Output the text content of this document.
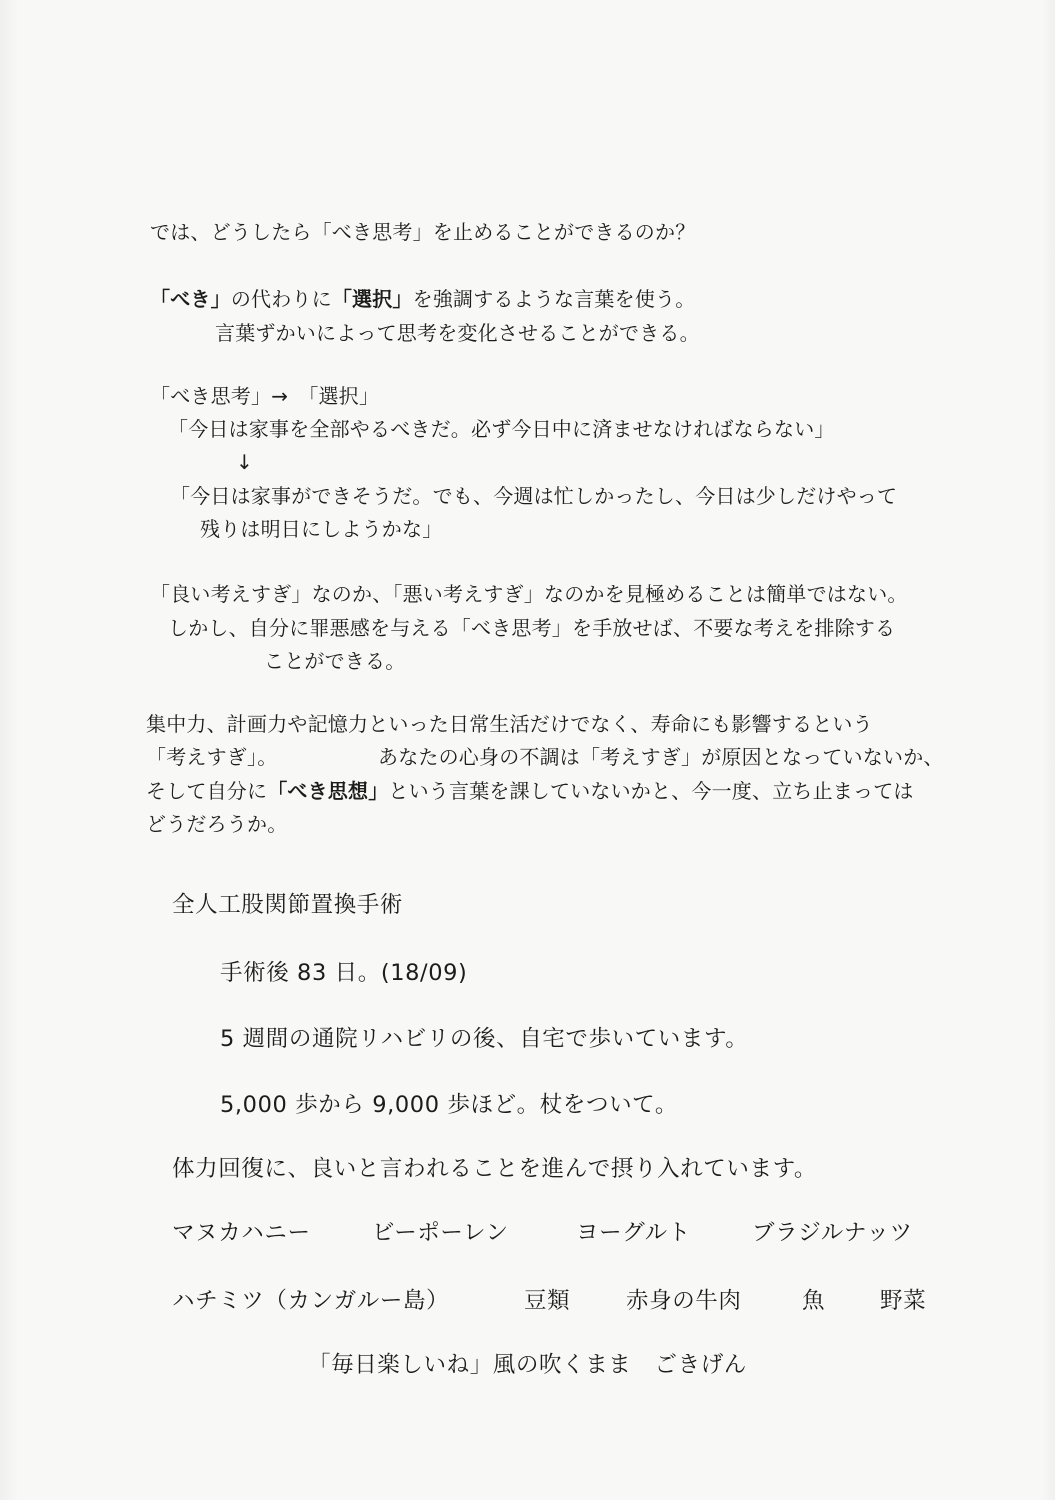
では、どうしたら「べき思考」を止めることができるのか？
「べき」の代わりに「選択」を強調するような言葉を使う。
言葉ずかいによって思考を変化させることができる。
「べき思考」→　「選択」
「今日は家事を全部やるべきだ。必ず今日中に済ませなければならない」
↓
「今日は家事ができそうだ。でも、今週は忙しかったし、今日は少しだけやって
残りは明日にしようかな」
「良い考えすぎ」なのか、「悪い考えすぎ」なのかを見極めることは簡単ではない。
しかし、自分に罪悪感を与える「べき思考」を手放せば、不要な考えを排除する
ことができる。
集中力、計画力や記憶力といった日常生活だけでなく、寿命にも影響するという
「考えすぎ」。	あなたの心身の不調は「考えすぎ」が原因となっていないか、
そして自分に「べき思想」という言葉を課していないかと、今一度、立ち止まっては
どうだろうか。
全人工股関節置換手術
手術後 83 日。(18/09)
5 週間の通院リハビリの後、自宅で歩いています。
5,000 歩から 9,000 歩ほど。杖をついて。
体力回復に、良いと言われることを進んで摂り入れています。
マヌカハニー	ビーポーレン	ヨーグルト	ブラジルナッツ
ハチミツ（カンガルー島）	豆類 赤身の牛肉	魚 野菜
「毎日楽しいね」風の吹くまま　ごきげん
